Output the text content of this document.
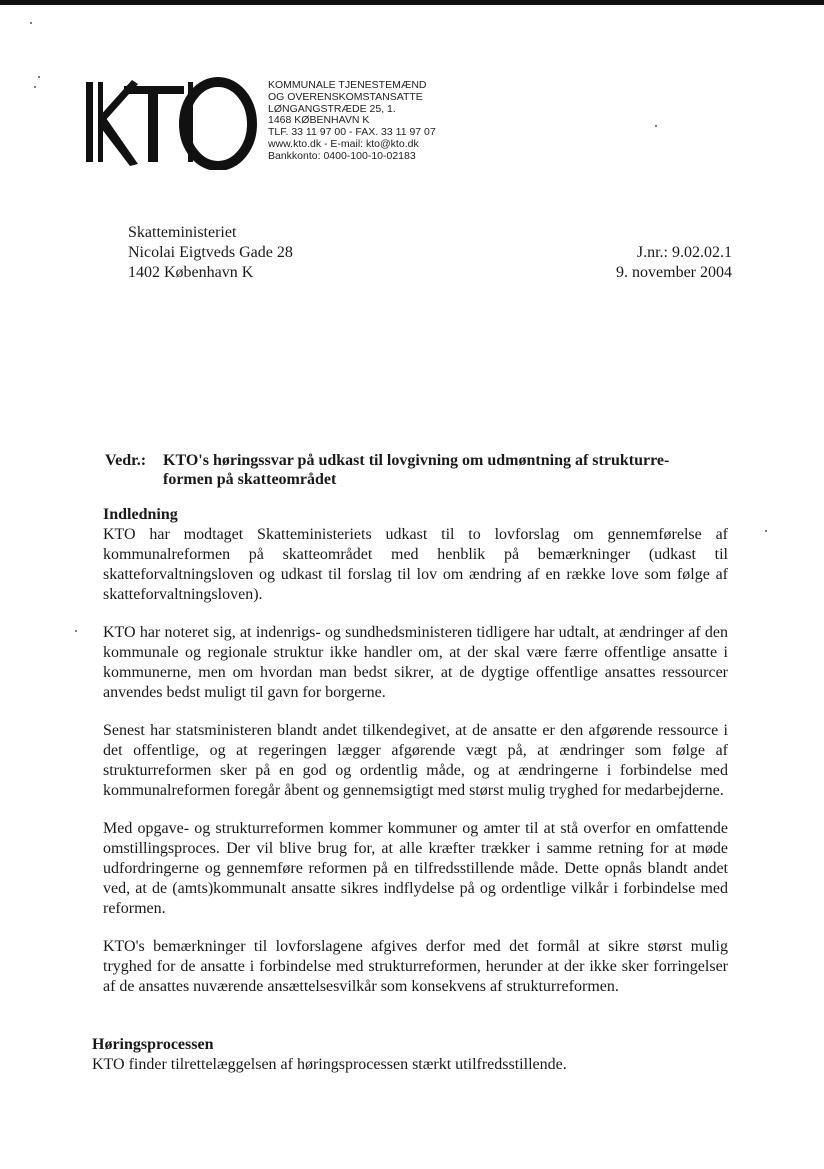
KOMMUNALE TJENESTEMÆND
OG OVERENSKOMSTANSATTE
LØNGANGSTRÆDE 25, 1.
1468 KØBENHAVN K
TLF. 33 11 97 00 - FAX. 33 11 97 07
www.kto.dk - E-mail: kto@kto.dk
Bankkonto: 0400-100-10-02183
Skatteministeriet
Nicolai Eigtveds Gade 28
1402 København K
J.nr.: 9.02.02.1
9. november 2004
Vedr.: KTO's høringssvar på udkast til lovgivning om udmøntning af strukturre-
formen på skatteområdet
Indledning

KTO har modtaget Skatteministeriets udkast til to lovforslag om gennemførelse af kommunalreformen på skatteområdet med henblik på bemærkninger (udkast til skatteforvaltningsloven og udkast til forslag til lov om ændring af en række love som følge af skatteforvaltningsloven).

KTO har noteret sig, at indenrigs- og sundhedsministeren tidligere har udtalt, at ændringer af den kommunale og regionale struktur ikke handler om, at der skal være færre offentlige ansatte i kommunerne, men om hvordan man bedst sikrer, at de dygtige offentlige ansattes ressourcer anvendes bedst muligt til gavn for borgerne.

Senest har statsministeren blandt andet tilkendegivet, at de ansatte er den afgørende ressource i det offentlige, og at regeringen lægger afgørende vægt på, at ændringer som følge af strukturreformen sker på en god og ordentlig måde, og at ændringerne i forbindelse med kommunalreformen foregår åbent og gennemsigtigt med størst mulig tryghed for medarbejderne.

Med opgave- og strukturreformen kommer kommuner og amter til at stå overfor en omfattende omstillingsproces. Der vil blive brug for, at alle kræfter trækker i samme retning for at møde udfordringerne og gennemføre reformen på en tilfredsstillende måde. Dette opnås blandt andet ved, at de (amts)kommunalt ansatte sikres indflydelse på og ordentlige vilkår i forbindelse med reformen.

KTO's bemærkninger til lovforslagene afgives derfor med det formål at sikre størst mulig tryghed for de ansatte i forbindelse med strukturreformen, herunder at der ikke sker forringelser af de ansattes nuværende ansættelsesvilkår som konsekvens af strukturreformen.

Høringsprocessen

KTO finder tilrettelæggelsen af høringsprocessen stærkt utilfredsstillende.
